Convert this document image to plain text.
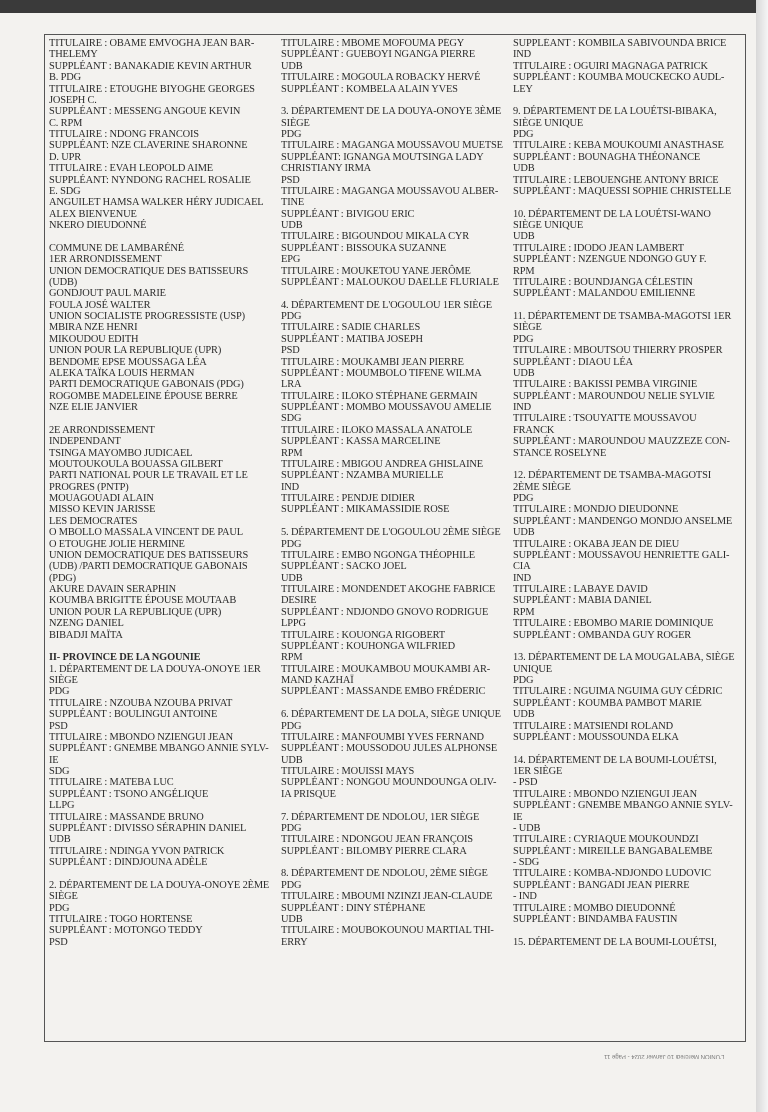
TITULAIRE : OBAME EMVOGHA JEAN BAR-

THELEMY

SUPPLÉANT : BANAKADIE KEVIN ARTHUR

B. PDG

TITULAIRE : ETOUGHE BIYOGHE GEORGES

JOSEPH C.

SUPPLÉANT : MESSENG ANGOUE KEVIN

C. RPM

TITULAIRE : NDONG FRANCOIS

SUPPLÉANT: NZE CLAVERINE SHARONNE

D. UPR

TITULAIRE : EVAH LEOPOLD AIME

SUPPLÉANT: NYNDONG RACHEL ROSALIE

E. SDG

ANGUILET HAMSA WALKER HÉRY JUDICAEL

ALEX BIENVENUE

NKERO DIEUDONNÉ

COMMUNE DE LAMBARÉNÉ

1ER ARRONDISSEMENT

UNION DEMOCRATIQUE DES BATISSEURS

(UDB)

GONDJOUT PAUL MARIE

FOULA JOSÉ WALTER

UNION SOCIALISTE PROGRESSISTE (USP)

MBIRA NZE HENRI

MIKOUDOU EDITH

UNION POUR LA REPUBLIQUE (UPR)

BENDOME EPSE MOUSSAGA LÉA

ALEKA TAÏKA LOUIS HERMAN

PARTI DEMOCRATIQUE GABONAIS (PDG)

ROGOMBE MADELEINE ÉPOUSE BERRE

NZE ELIE JANVIER

2E ARRONDISSEMENT

INDEPENDANT

TSINGA MAYOMBO JUDICAEL

MOUTOUKOULA BOUASSA GILBERT

PARTI NATIONAL POUR LE TRAVAIL ET LE

PROGRES (PNTP)

MOUAGOUADI ALAIN

MISSO KEVIN JARISSE

LES DEMOCRATES

O MBOLLO MASSALA VINCENT DE PAUL

O ETOUGHE JOLIE HERMINE

UNION DEMOCRATIQUE DES BATISSEURS

(UDB) /PARTI DEMOCRATIQUE GABONAIS

(PDG)

AKURE DAVAIN SERAPHIN

KOUMBA BRIGITTE ÉPOUSE MOUTAAB

UNION POUR LA REPUBLIQUE (UPR)

NZENG DANIEL

BIBADJI MAÏTA

II- PROVINCE DE LA NGOUNIE

1. DÉPARTEMENT DE LA DOUYA-ONOYE 1ER

SIÈGE

PDG

TITULAIRE : NZOUBA NZOUBA PRIVAT

SUPPLÉANT : BOULINGUI ANTOINE

PSD

TITULAIRE : MBONDO NZIENGUI JEAN

SUPPLÉANT : GNEMBE MBANGO ANNIE SYLV-

IE

SDG

TITULAIRE : MATEBA LUC

SUPPLÉANT : TSONO ANGÉLIQUE

LLPG

TITULAIRE : MASSANDE BRUNO

SUPPLÉANT : DIVISSO SÉRAPHIN DANIEL

UDB

TITULAIRE : NDINGA YVON PATRICK

SUPPLÉANT : DINDJOUNA ADÈLE

2. DÉPARTEMENT DE LA DOUYA-ONOYE 2ÈME

SIÈGE

PDG

TITULAIRE : TOGO HORTENSE

SUPPLÉANT : MOTONGO TEDDY

PSD

TITULAIRE : MBOME MOFOUMA PÉGY

SUPPLÉANT : GUEBOYI NGANGA PIERRE

UDB

TITULAIRE : MOGOULA ROBACKY HERVÉ

SUPPLÉANT : KOMBELA ALAIN YVES

3. DÉPARTEMENT DE LA DOUYA-ONOYE 3ÈME

SIÈGE

PDG

TITULAIRE : MAGANGA MOUSSAVOU MUETSE

SUPPLÉANT: IGNANGA MOUTSINGA LADY

CHRISTIANY IRMA

PSD

TITULAIRE : MAGANGA MOUSSAVOU ALBER-

TINE

SUPPLÉANT : BIVIGOU ERIC

UDB

TITULAIRE : BIGOUNDOU MIKALA CYR

SUPPLÉANT : BISSOUKA SUZANNE

EPG

TITULAIRE : MOUKETOU YANE JERÔME

SUPPLÉANT : MALOUKOU DAELLE FLURIALE

4. DÉPARTEMENT DE L'OGOULOU 1ER SIÈGE

PDG

TITULAIRE : SADIE CHARLES

SUPPLÉANT : MATIBA JOSEPH

PSD

TITULAIRE : MOUKAMBI JEAN PIERRE

SUPPLÉANT : MOUMBOLO TIFENE WILMA

LRA

TITULAIRE : ILOKO STÉPHANE GERMAIN

SUPPLÉANT : MOMBO MOUSSAVOU AMELIE

SDG

TITULAIRE : ILOKO MASSALA ANATOLE

SUPPLÉANT : KASSA MARCELINE

RPM

TITULAIRE : MBIGOU ANDREA GHISLAINE

SUPPLÉANT : NZAMBA MURIELLE

IND

TITULAIRE : PENDJE DIDIER

SUPPLÉANT : MIKAMASSIDIE ROSE

5. DÉPARTEMENT DE L'OGOULOU 2ÈME SIÈGE

PDG

TITULAIRE : EMBO NGONGA THÉOPHILE

SUPPLÉANT : SACKO JOEL

UDB

TITULAIRE : MONDENDET AKOGHE FABRICE

DESIRE

SUPPLÉANT : NDJONDO GNOVO RODRIGUE

LPPG

TITULAIRE : KOUONGA RIGOBERT

SUPPLÉANT : KOUHONGA WILFRIED

RPM

TITULAIRE : MOUKAMBOU MOUKAMBI AR-

MAND KAZHAÏ

SUPPLÉANT : MASSANDE EMBO FRÉDERIC

6. DÉPARTEMENT DE LA DOLA, SIÈGE UNIQUE

PDG

TITULAIRE : MANFOUMBI YVES FERNAND

SUPPLÉANT : MOUSSODOU JULES ALPHONSE

UDB

TITULAIRE : MOUISSI MAYS

SUPPLÉANT : NONGOU MOUNDOUNGA OLIV-

IA PRISQUE

7. DÉPARTEMENT DE NDOLOU, 1ER SIÈGE

PDG

TITULAIRE : NDONGOU JEAN FRANÇOIS

SUPPLÉANT : BILOMBY PIERRE CLARA

8. DÉPARTEMENT DE NDOLOU, 2ÈME SIÈGE

PDG

TITULAIRE : MBOUMI NZINZI JEAN-CLAUDE

SUPPLÉANT : DINY STÉPHANE

UDB

TITULAIRE : MOUBOKOUNOU MARTIAL THI-

ERRY

SUPPLÉANT : KOMBILA SABIVOUNDA BRICE

IND

TITULAIRE : OGUIRI MAGNAGA PATRICK

SUPPLÉANT : KOUMBA MOUCKECKO AUDL-

LEY

9. DÉPARTEMENT DE LA LOUÉTSI-BIBAKA,

SIÈGE UNIQUE

PDG

TITULAIRE : KEBA MOUKOUMI ANASTHASE

SUPPLÉANT : BOUNAGHA THÉONANCE

UDB

TITULAIRE : LEBOUENGHE ANTONY BRICE

SUPPLÉANT : MAQUESSI SOPHIE CHRISTELLE

10. DÉPARTEMENT DE LA LOUÉTSI-WANO

SIÈGE UNIQUE

UDB

TITULAIRE : IDODO JEAN LAMBERT

SUPPLÉANT : NZENGUE NDONGO GUY F.

RPM

TITULAIRE : BOUNDJANGA CÉLESTIN

SUPPLÉANT : MALANDOU EMILIENNE

11. DÉPARTEMENT DE TSAMBA-MAGOTSI 1ER

SIÈGE

PDG

TITULAIRE : MBOUTSOU THIERRY PROSPER

SUPPLÉANT : DIAOU LÉA

UDB

TITULAIRE : BAKISSI PEMBA VIRGINIE

SUPPLÉANT : MAROUNDOU NELIE SYLVIE

IND

TITULAIRE : TSOUYATTE MOUSSAVOU

FRANCK

SUPPLÉANT : MAROUNDOU MAUZZEZE CON-

STANCE ROSELYNE

12. DÉPARTEMENT DE TSAMBA-MAGOTSI

2ÈME SIÈGE

PDG

TITULAIRE : MONDJO DIEUDONNE

SUPPLÉANT : MANDENGO MONDJO ANSELME

UDB

TITULAIRE : OKABA JEAN DE DIEU

SUPPLÉANT : MOUSSAVOU HENRIETTE GALI-

CIA

IND

TITULAIRE : LABAYE DAVID

SUPPLÉANT : MABIA DANIEL

RPM

TITULAIRE : EBOMBO MARIE DOMINIQUE

SUPPLÉANT : OMBANDA GUY ROGER

13. DÉPARTEMENT DE LA MOUGALABA, SIÈGE

UNIQUE

PDG

TITULAIRE : NGUIMA NGUIMA GUY CÉDRIC

SUPPLÉANT : KOUMBA PAMBOT MARIE

UDB

TITULAIRE : MATSIENDI ROLAND

SUPPLÉANT : MOUSSOUNDA ELKA

14. DÉPARTEMENT DE LA BOUMI-LOUÉTSI,

1ER SIÈGE

- PSD

TITULAIRE : MBONDO NZIENGUI JEAN

SUPPLÉANT : GNEMBE MBANGO ANNIE SYLV-

IE

- UDB

TITULAIRE : CYRIAQUE MOUKOUNDZI

SUPPLÉANT : MIREILLE BANGABALEMBE

- SDG

TITULAIRE : KOMBA-NDJONDO LUDOVIC

SUPPLÉANT : BANGADI JEAN PIERRE

- IND

TITULAIRE : MOMBO DIEUDONNÉ

SUPPLÉANT : BINDAMBA FAUSTIN

15. DÉPARTEMENT DE LA BOUMI-LOUÉTSI,

L'UNION Mercredi 10 Janvier 2024 - Page 11
